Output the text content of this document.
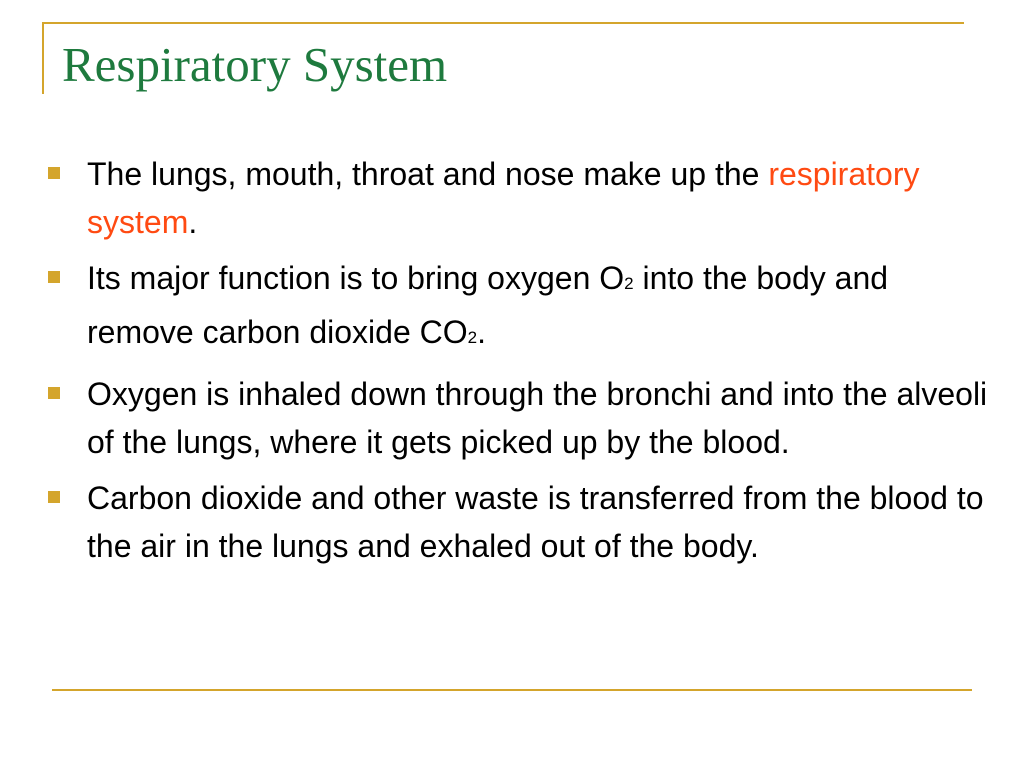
Respiratory System
The lungs, mouth, throat and nose make up the respiratory system.
Its major function is to bring oxygen O2 into the body and remove carbon dioxide CO2.
Oxygen is inhaled down through the bronchi and into the alveoli of the lungs, where it gets picked up by the blood.
Carbon dioxide and other waste is transferred from the blood to the air in the lungs and exhaled out of the body.
